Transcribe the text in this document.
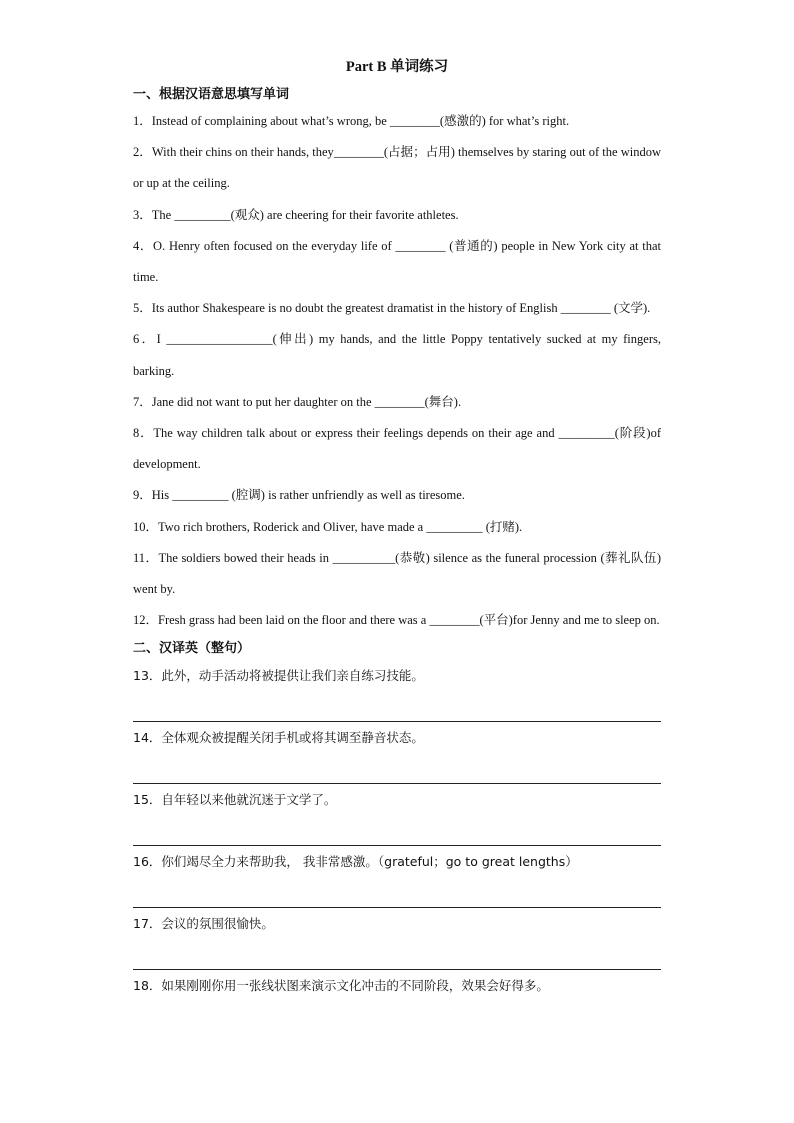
Part B 单词练习
一、根据汉语意思填写单词

1．Instead of complaining about what’s wrong, be ________(感激的) for what’s right.

2．With their chins on their hands, they________(占据；占用) themselves by staring out of the window or up at the ceiling.

3．The _________(观众) are cheering for their favorite athletes.

4．O. Henry often focused on the everyday life of ________ (普通的) people in New York city at that time.

5．Its author Shakespeare is no doubt the greatest dramatist in the history of English ________ (文学).

6．I _________________(伸出) my hands, and the little Poppy tentatively sucked at my fingers, barking.

7．Jane did not want to put her daughter on the ________(舞台).

8．The way children talk about or express their feelings depends on their age and _________(阶段)of development.

9．His _________ (腔调) is rather unfriendly as well as tiresome.

10．Two rich brothers, Roderick and Oliver, have made a _________ (打赌).

11．The soldiers bowed their heads in __________(恭敬) silence as the funeral procession (葬礼队伍) went by.

12．Fresh grass had been laid on the floor and there was a ________(平台)for Jenny and me to sleep on.

二、汉译英（整句）

13．此外，动手活动将被提供让我们亲自练习技能。

14．全体观众被提醒关闭手机或将其调至静音状态。

15．自年轻以来他就沉迷于文学了。

16．你们竭尽全力来帮助我， 我非常感激。（grateful；go to great lengths）

17．会议的氛围很愉快。

18．如果刚刚你用一张线状图来演示文化冲击的不同阶段，效果会好得多。
